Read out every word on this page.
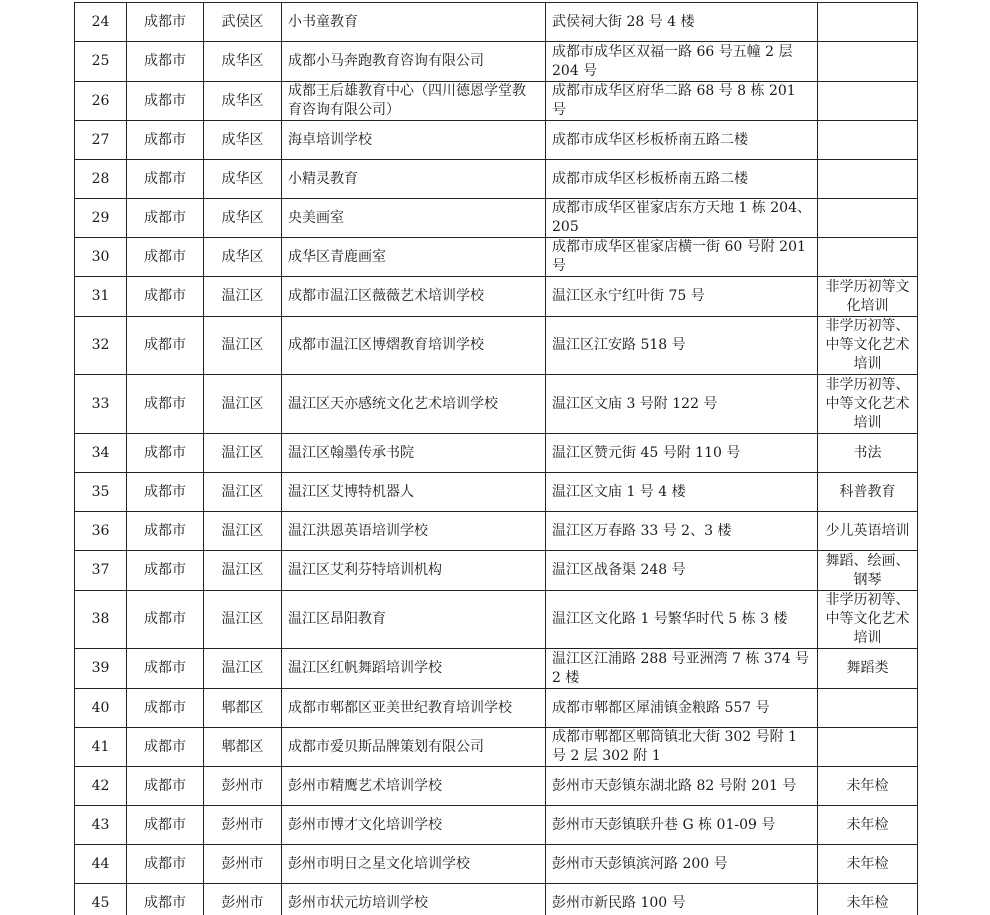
24	成都市	武侯区	小书童教育	武侯祠大街 28 号 4 楼	
25	成都市	成华区	成都小马奔跑教育咨询有限公司	成都市成华区双福一路 66 号五幢 2 层 204 号	
26	成都市	成华区	成都王后雄教育中心（四川德恩学堂教育咨询有限公司）	成都市成华区府华二路 68 号 8 栋 201 号	
27	成都市	成华区	海卓培训学校	成都市成华区杉板桥南五路二楼	
28	成都市	成华区	小精灵教育	成都市成华区杉板桥南五路二楼	
29	成都市	成华区	央美画室	成都市成华区崔家店东方天地 1 栋 204、205	
30	成都市	成华区	成华区青鹿画室	成都市成华区崔家店横一街 60 号附 201 号	
31	成都市	温江区	成都市温江区薇薇艺术培训学校	温江区永宁红叶街 75 号	非学历初等文化培训
32	成都市	温江区	成都市温江区博熠教育培训学校	温江区江安路 518 号	非学历初等、中等文化艺术培训
33	成都市	温江区	温江区天亦感统文化艺术培训学校	温江区文庙 3 号附 122 号	非学历初等、中等文化艺术培训
34	成都市	温江区	温江区翰墨传承书院	温江区赞元街 45 号附 110 号	书法
35	成都市	温江区	温江区艾博特机器人	温江区文庙 1 号 4 楼	科普教育
36	成都市	温江区	温江洪恩英语培训学校	温江区万春路 33 号 2、3 楼	少儿英语培训
37	成都市	温江区	温江区艾利芬特培训机构	温江区战备渠 248 号	舞蹈、绘画、钢琴
38	成都市	温江区	温江区昂阳教育	温江区文化路 1 号繁华时代 5 栋 3 楼	非学历初等、中等文化艺术培训
39	成都市	温江区	温江区红帆舞蹈培训学校	温江区江浦路 288 号亚洲湾 7 栋 374 号 2 楼	舞蹈类
40	成都市	郫都区	成都市郫都区亚美世纪教育培训学校	成都市郫都区犀浦镇金粮路 557 号	
41	成都市	郫都区	成都市爱贝斯品牌策划有限公司	成都市郫都区郫筒镇北大街 302 号附 1 号 2 层 302 附 1	
42	成都市	彭州市	彭州市精鹰艺术培训学校	彭州市天彭镇东湖北路 82 号附 201 号	未年检
43	成都市	彭州市	彭州市博才文化培训学校	彭州市天彭镇联升巷 G 栋 01-09 号	未年检
44	成都市	彭州市	彭州市明日之星文化培训学校	彭州市天彭镇滨河路 200 号	未年检
45	成都市	彭州市	彭州市状元坊培训学校	彭州市新民路 100 号	未年检
